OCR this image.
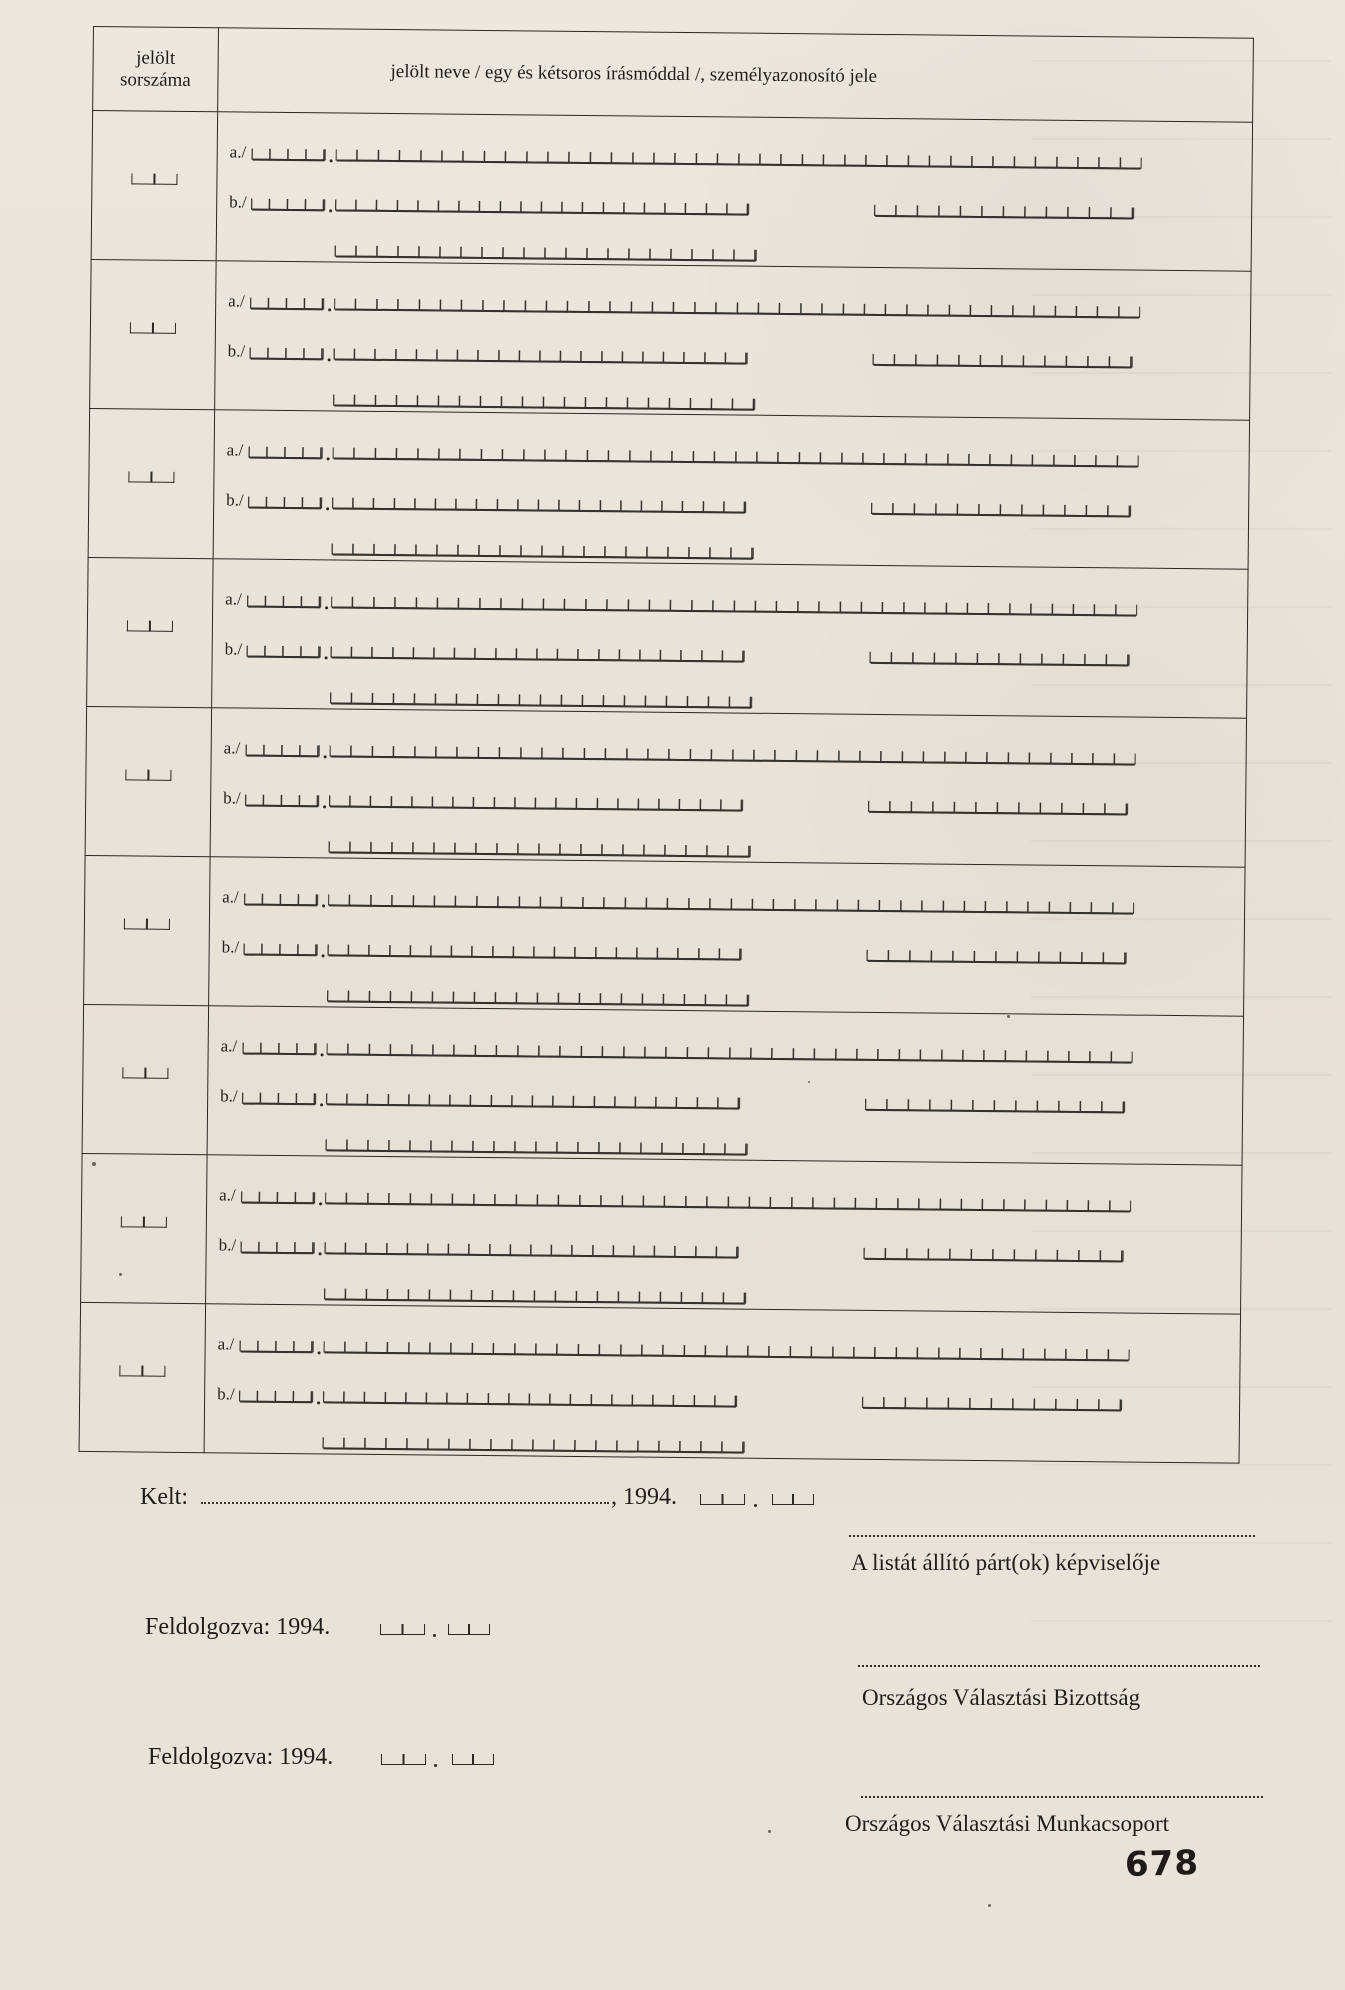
jelölt
sorszáma	jelölt neve / egy és kétsoros írásmóddal /, személyazonosító jele

	a./
b./

	a./
b./

	a./
b./

	a./
b./

	a./
b./

	a./
b./

	a./
b./

	a./
b./

	a./
b./
Kelt:	, 1994.
A listát állító párt(ok) képviselője
Feldolgozva: 1994.
Országos Választási Bizottság
Feldolgozva: 1994.
Országos Választási Munkacsoport
678
